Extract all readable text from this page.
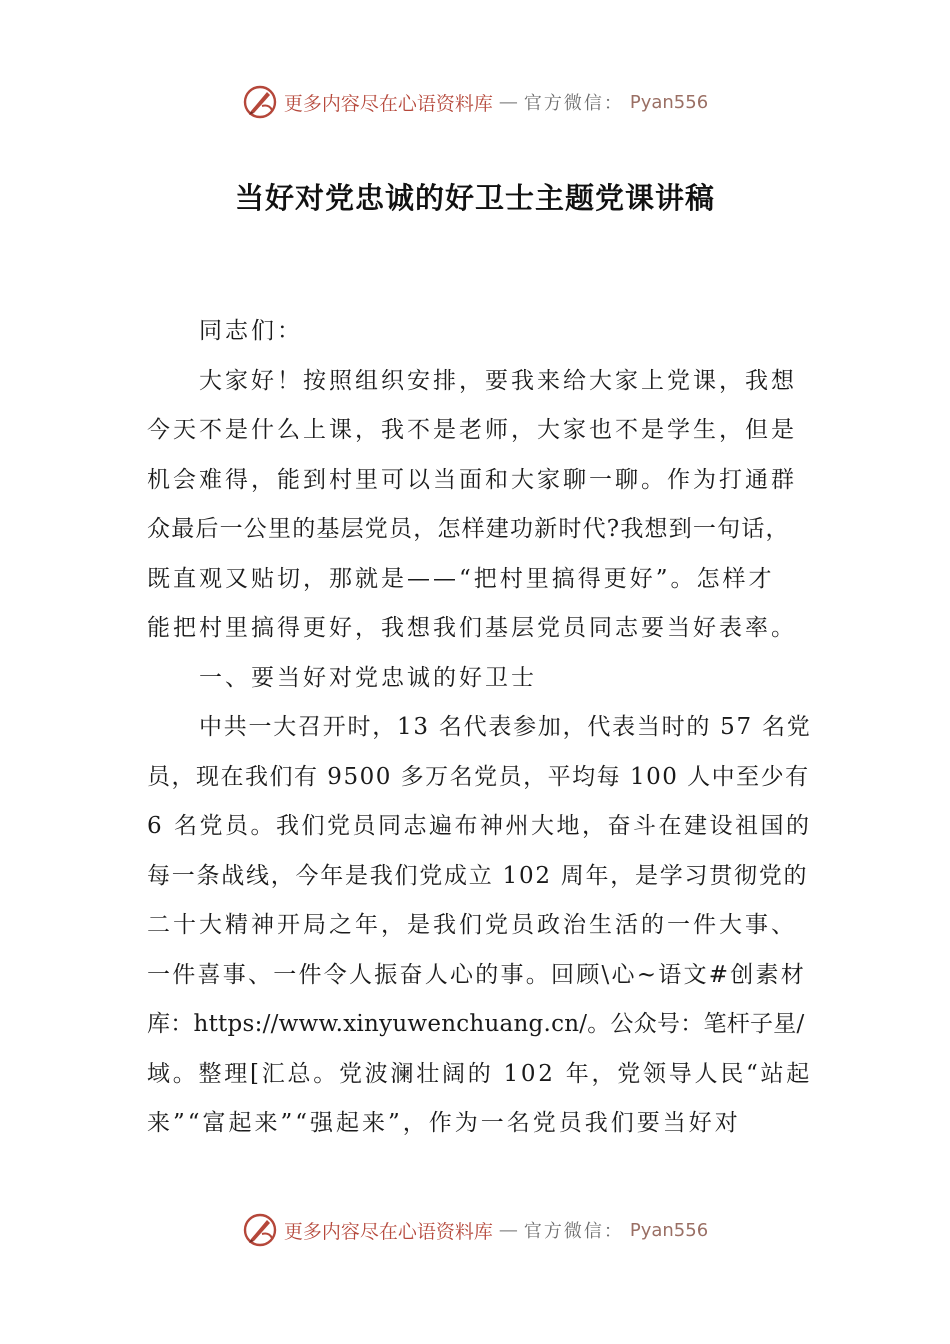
更多内容尽在心语资料库 — 官方微信： Pyan556
当好对党忠诚的好卫士主题党课讲稿
同志们：
大家好！按照组织安排，要我来给大家上党课，我想
今天不是什么上课，我不是老师，大家也不是学生，但是
机会难得，能到村里可以当面和大家聊一聊。作为打通群
众最后一公里的基层党员，怎样建功新时代?我想到一句话，
既直观又贴切，那就是——“把村里搞得更好”。怎样才
能把村里搞得更好，我想我们基层党员同志要当好表率。
一、要当好对党忠诚的好卫士
中共一大召开时，13 名代表参加，代表当时的 57 名党
员，现在我们有 9500 多万名党员，平均每 100 人中至少有
6 名党员。我们党员同志遍布神州大地，奋斗在建设祖国的
每一条战线，今年是我们党成立 102 周年，是学习贯彻党的
二十大精神开局之年，是我们党员政治生活的一件大事、
一件喜事、一件令人振奋人心的事。回顾\心~语文#创素材
库：https://www.xinyuwenchuang.cn/。公众号：笔杆子星/
域。整理[汇总。党波澜壮阔的 102 年，党领导人民“站起
来”“富起来”“强起来”，作为一名党员我们要当好对
更多内容尽在心语资料库 — 官方微信： Pyan556
